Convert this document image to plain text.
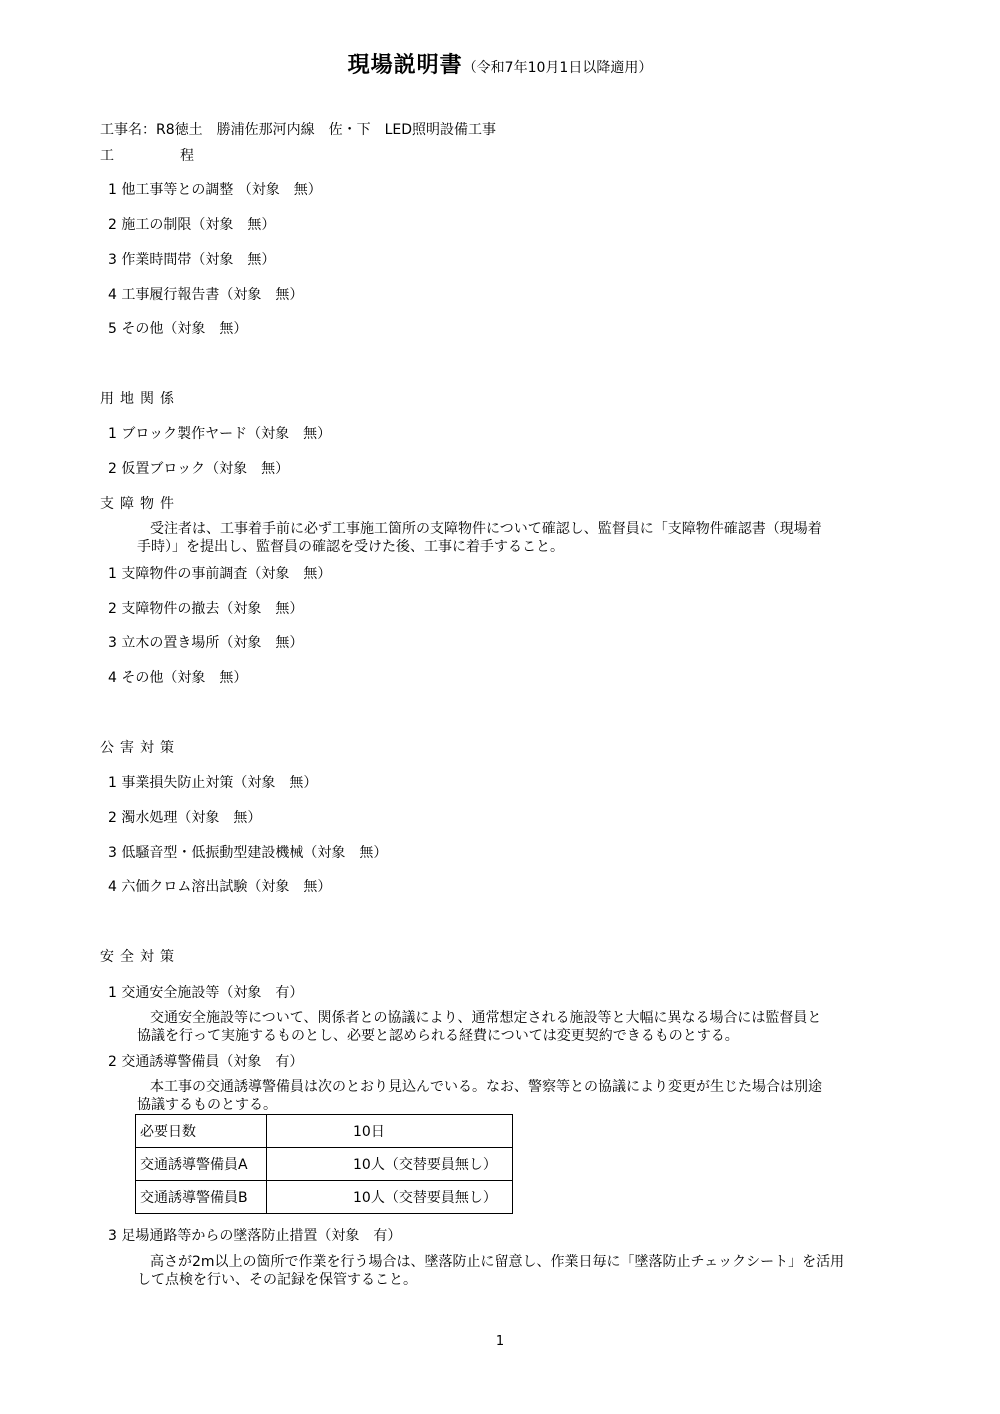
現場説明書（令和7年10月1日以降適用）
工事名：R8徳土　勝浦佐那河内線　佐・下　LED照明設備工事
工　程
1 他工事等との調整 （対象　無）
2 施工の制限（対象　無）
3 作業時間帯（対象　無）
4 工事履行報告書（対象　無）
5 その他（対象　無）
用地関係
1 ブロック製作ヤード（対象　無）
2 仮置ブロック（対象　無）
支障物件
受注者は、工事着手前に必ず工事施工箇所の支障物件について確認し、監督員に「支障物件確認書（現場着
手時）」を提出し、監督員の確認を受けた後、工事に着手すること。
1 支障物件の事前調査（対象　無）
2 支障物件の撤去（対象　無）
3 立木の置き場所（対象　無）
4 その他（対象　無）
公害対策
1 事業損失防止対策（対象　無）
2 濁水処理（対象　無）
3 低騒音型・低振動型建設機械（対象　無）
4 六価クロム溶出試験（対象　無）
安全対策
1 交通安全施設等（対象　有）
交通安全施設等について、関係者との協議により、通常想定される施設等と大幅に異なる場合には監督員と
協議を行って実施するものとし、必要と認められる経費については変更契約できるものとする。
2 交通誘導警備員（対象　有）
本工事の交通誘導警備員は次のとおり見込んでいる。なお、警察等との協議により変更が生じた場合は別途
協議するものとする。
必要日数	10日
交通誘導警備員A	10人（交替要員無し）
交通誘導警備員B	10人（交替要員無し）
3 足場通路等からの墜落防止措置（対象　有）
高さが2m以上の箇所で作業を行う場合は、墜落防止に留意し、作業日毎に「墜落防止チェックシート」を活用
して点検を行い、その記録を保管すること。
1
